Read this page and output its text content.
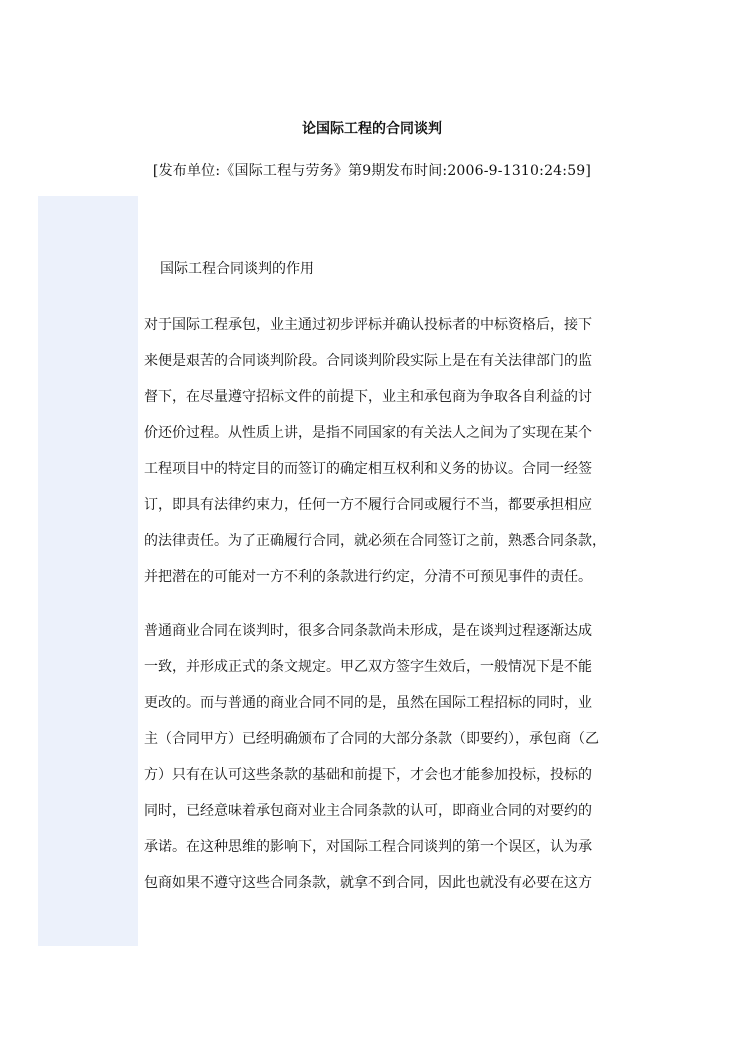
论国际工程的合同谈判
[发布单位:《国际工程与劳务》第9期发布时间:2006-9-1310:24:59]
国际工程合同谈判的作用
对于国际工程承包，业主通过初步评标并确认投标者的中标资格后，接下
来便是艰苦的合同谈判阶段。合同谈判阶段实际上是在有关法律部门的监
督下，在尽量遵守招标文件的前提下，业主和承包商为争取各自利益的讨
价还价过程。从性质上讲，是指不同国家的有关法人之间为了实现在某个
工程项目中的特定目的而签订的确定相互权利和义务的协议。合同一经签
订，即具有法律约束力，任何一方不履行合同或履行不当，都要承担相应
的法律责任。为了正确履行合同，就必须在合同签订之前，熟悉合同条款，
并把潜在的可能对一方不利的条款进行约定，分清不可预见事件的责任。
普通商业合同在谈判时，很多合同条款尚未形成，是在谈判过程逐渐达成
一致，并形成正式的条文规定。甲乙双方签字生效后，一般情况下是不能
更改的。而与普通的商业合同不同的是，虽然在国际工程招标的同时，业
主（合同甲方）已经明确颁布了合同的大部分条款（即要约），承包商（乙
方）只有在认可这些条款的基础和前提下，才会也才能参加投标，投标的
同时，已经意味着承包商对业主合同条款的认可，即商业合同的对要约的
承诺。在这种思维的影响下，对国际工程合同谈判的第一个误区，认为承
包商如果不遵守这些合同条款，就拿不到合同，因此也就没有必要在这方
